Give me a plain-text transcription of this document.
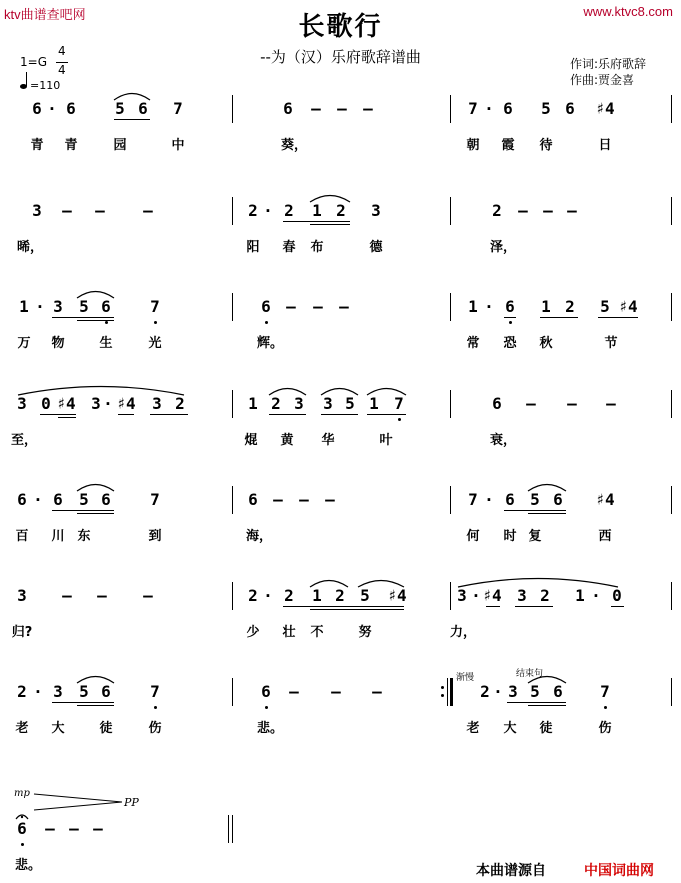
ktv曲谱查吧网	www.ktvc8.com
长歌行
--为（汉）乐府歌辞谱曲	作词:乐府歌辞
作曲:贾金喜
1=G
4
4
=110
6 · 6 5 6 7	6 – – –	7 · 6 5 6 ♯4
青 青	园	中	葵，	朝 霞 待	日
3 – – –	2 · 2 1 2 3	2 – – –
晞，	阳 春 布	德	泽，
1 · 3 5 6 7	6 – – –	1 · 6 1 2 5 ♯4
万 物	生	光	辉。	常 恐 秋	节
3 0 ♯4 3 · ♯4 3 2	1 2 3 3 5 1 7	6 – – –
至，	焜 黄 华	叶	衰，
6 · 6 5 6 7	6 – – –	7 · 6 5 6 ♯4
百 川 东	到	海，	何 时 复	西
3 – – –	2 · 2 1 2 5 ♯4	3 · ♯4 3 2 1 · 0
归?	少 壮 不	努	力，
2 · 3 5 6 7	6 – – –	2 · 3 5 6 7
老 大	徒	伤	悲。	老 大 徒	伤
6 – – –
悲。
渐慢	结束句
mp
PP
本曲谱源自	中国词曲网
